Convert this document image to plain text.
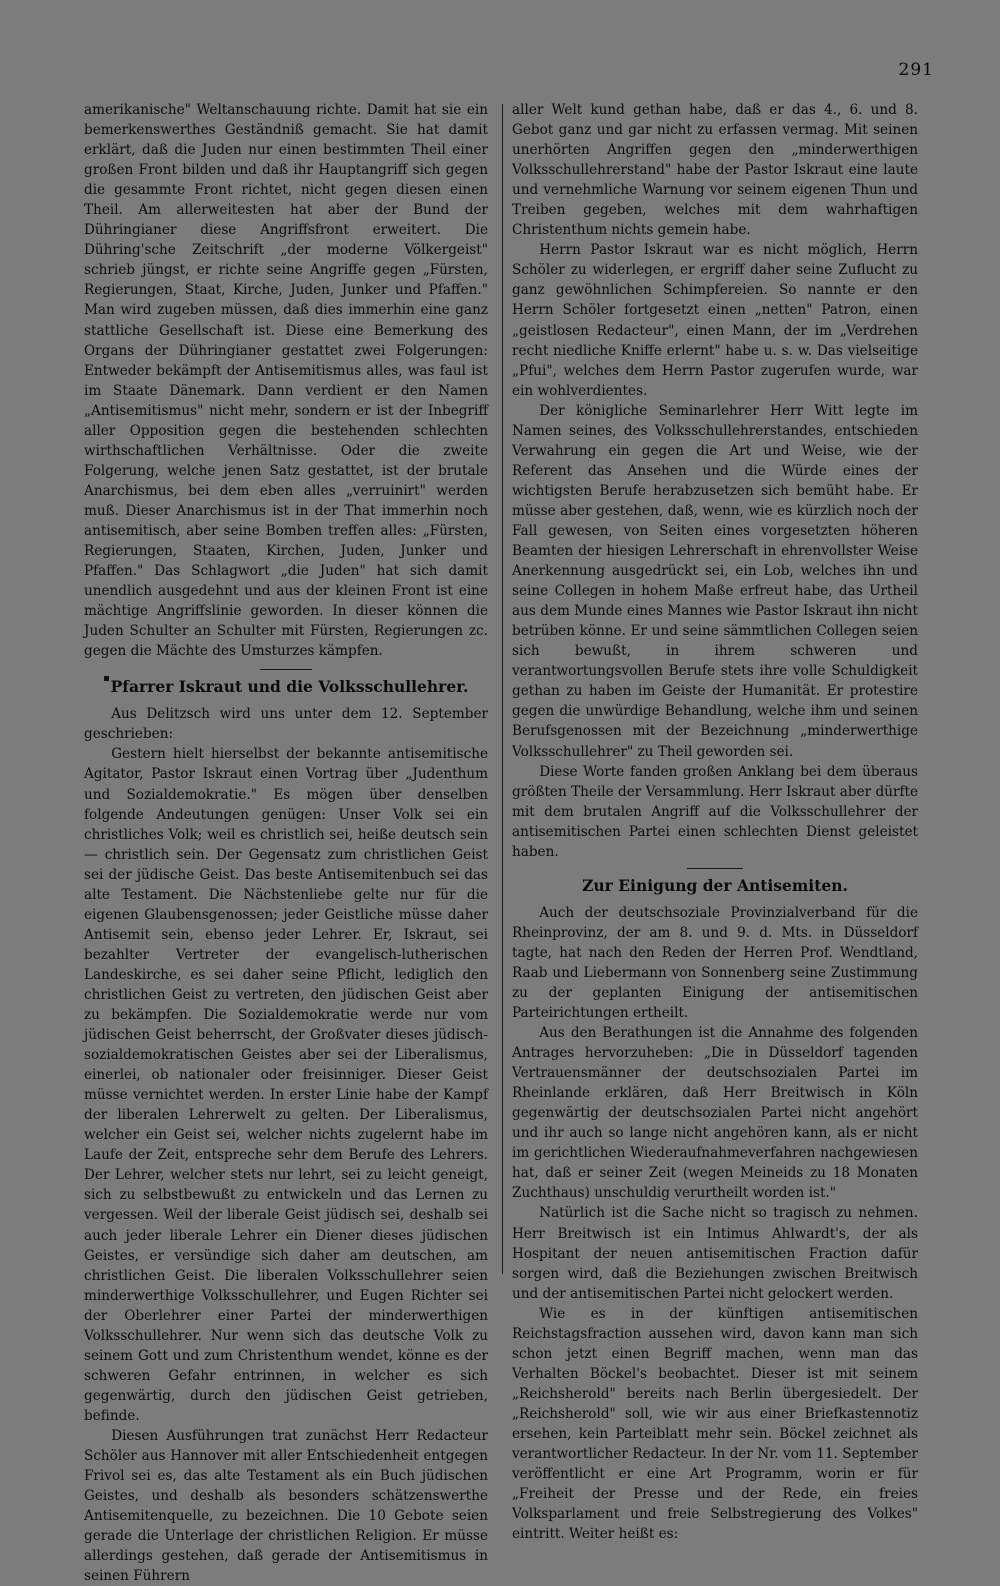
291

amerikanische" Weltanschauung richte. Damit hat sie ein bemerkenswerthes Geständniß gemacht. Sie hat damit erklärt, daß die Juden nur einen bestimmten Theil einer großen Front bilden und daß ihr Hauptangriff sich gegen die gesammte Front richtet, nicht gegen diesen einen Theil. Am allerweitesten hat aber der Bund der Dühringianer diese Angriffsfront erweitert. Die Dühring'sche Zeitschrift „der moderne Völkergeist" schrieb jüngst, er richte seine Angriffe gegen „Fürsten, Regierungen, Staat, Kirche, Juden, Junker und Pfaffen." Man wird zugeben müssen, daß dies immerhin eine ganz stattliche Gesellschaft ist. Diese eine Bemerkung des Organs der Dühringianer gestattet zwei Folgerungen: Entweder bekämpft der Antisemitismus alles, was faul ist im Staate Dänemark. Dann verdient er den Namen „Antisemitismus" nicht mehr, sondern er ist der Inbegriff aller Opposition gegen die bestehenden schlechten wirthschaftlichen Verhältnisse. Oder die zweite Folgerung, welche jenen Satz gestattet, ist der brutale Anarchismus, bei dem eben alles „verruinirt" werden muß. Dieser Anarchismus ist in der That immerhin noch antisemitisch, aber seine Bomben treffen alles: „Fürsten, Regierungen, Staaten, Kirchen, Juden, Junker und Pfaffen." Das Schlagwort „die Juden" hat sich damit unendlich ausgedehnt und aus der kleinen Front ist eine mächtige Angriffslinie geworden. In dieser können die Juden Schulter an Schulter mit Fürsten, Regierungen zc. gegen die Mächte des Umsturzes kämpfen.

Pfarrer Iskraut und die Volksschullehrer.

Aus Delitzsch wird uns unter dem 12. September geschrieben:

Gestern hielt hierselbst der bekannte antisemitische Agitator, Pastor Iskraut einen Vortrag über „Judenthum und Sozialdemokratie." Es mögen über denselben folgende Andeutungen genügen: Unser Volk sei ein christliches Volk; weil es christlich sei, heiße deutsch sein — christlich sein. Der Gegensatz zum christlichen Geist sei der jüdische Geist. Das beste Antisemitenbuch sei das alte Testament. Die Nächstenliebe gelte nur für die eigenen Glaubensgenossen; jeder Geistliche müsse daher Antisemit sein, ebenso jeder Lehrer. Er, Iskraut, sei bezahlter Vertreter der evangelisch-lutherischen Landeskirche, es sei daher seine Pflicht, lediglich den christlichen Geist zu vertreten, den jüdischen Geist aber zu bekämpfen. Die Sozialdemokratie werde nur vom jüdischen Geist beherrscht, der Großvater dieses jüdisch-sozialdemokratischen Geistes aber sei der Liberalismus, einerlei, ob nationaler oder freisinniger. Dieser Geist müsse vernichtet werden. In erster Linie habe der Kampf der liberalen Lehrerwelt zu gelten. Der Liberalismus, welcher ein Geist sei, welcher nichts zugelernt habe im Laufe der Zeit, entspreche sehr dem Berufe des Lehrers. Der Lehrer, welcher stets nur lehrt, sei zu leicht geneigt, sich zu selbstbewußt zu entwickeln und das Lernen zu vergessen. Weil der liberale Geist jüdisch sei, deshalb sei auch jeder liberale Lehrer ein Diener dieses jüdischen Geistes, er versündige sich daher am deutschen, am christlichen Geist. Die liberalen Volksschullehrer seien minderwerthige Volksschullehrer, und Eugen Richter sei der Oberlehrer einer Partei der minderwerthigen Volksschullehrer. Nur wenn sich das deutsche Volk zu seinem Gott und zum Christenthum wendet, könne es der schweren Gefahr entrinnen, in welcher es sich gegenwärtig, durch den jüdischen Geist getrieben, befinde.

Diesen Ausführungen trat zunächst Herr Redacteur Schöler aus Hannover mit aller Entschiedenheit entgegen Frivol sei es, das alte Testament als ein Buch jüdischen Geistes, und deshalb als besonders schätzenswerthe Antisemitenquelle, zu bezeichnen. Die 10 Gebote seien gerade die Unterlage der christlichen Religion. Er müsse allerdings gestehen, daß gerade der Antisemitismus in seinen Führern

aller Welt kund gethan habe, daß er das 4., 6. und 8. Gebot ganz und gar nicht zu erfassen vermag. Mit seinen unerhörten Angriffen gegen den „minderwerthigen Volksschullehrerstand" habe der Pastor Iskraut eine laute und vernehmliche Warnung vor seinem eigenen Thun und Treiben gegeben, welches mit dem wahrhaftigen Christenthum nichts gemein habe.

Herrn Pastor Iskraut war es nicht möglich, Herrn Schöler zu widerlegen, er ergriff daher seine Zuflucht zu ganz gewöhnlichen Schimpfereien. So nannte er den Herrn Schöler fortgesetzt einen „netten" Patron, einen „geistlosen Redacteur", einen Mann, der im „Verdrehen recht niedliche Kniffe erlernt" habe u. s. w. Das vielseitige „Pfui", welches dem Herrn Pastor zugerufen wurde, war ein wohlverdientes.

Der königliche Seminarlehrer Herr Witt legte im Namen seines, des Volksschullehrerstandes, entschieden Verwahrung ein gegen die Art und Weise, wie der Referent das Ansehen und die Würde eines der wichtigsten Berufe herabzusetzen sich bemüht habe. Er müsse aber gestehen, daß, wenn, wie es kürzlich noch der Fall gewesen, von Seiten eines vorgesetzten höheren Beamten der hiesigen Lehrerschaft in ehrenvollster Weise Anerkennung ausgedrückt sei, ein Lob, welches ihn und seine Collegen in hohem Maße erfreut habe, das Urtheil aus dem Munde eines Mannes wie Pastor Iskraut ihn nicht betrüben könne. Er und seine sämmtlichen Collegen seien sich bewußt, in ihrem schweren und verantwortungsvollen Berufe stets ihre volle Schuldigkeit gethan zu haben im Geiste der Humanität. Er protestire gegen die unwürdige Behandlung, welche ihm und seinen Berufsgenossen mit der Bezeichnung „minderwerthige Volksschullehrer" zu Theil geworden sei.

Diese Worte fanden großen Anklang bei dem überaus größten Theile der Versammlung. Herr Iskraut aber dürfte mit dem brutalen Angriff auf die Volksschullehrer der antisemitischen Partei einen schlechten Dienst geleistet haben.

Zur Einigung der Antisemiten.

Auch der deutschsoziale Provinzialverband für die Rheinprovinz, der am 8. und 9. d. Mts. in Düsseldorf tagte, hat nach den Reden der Herren Prof. Wendtland, Raab und Liebermann von Sonnenberg seine Zustimmung zu der geplanten Einigung der antisemitischen Parteirichtungen ertheilt.

Aus den Berathungen ist die Annahme des folgenden Antrages hervorzuheben: „Die in Düsseldorf tagenden Vertrauensmänner der deutschsozialen Partei im Rheinlande erklären, daß Herr Breitwisch in Köln gegenwärtig der deutschsozialen Partei nicht angehört und ihr auch so lange nicht angehören kann, als er nicht im gerichtlichen Wiederaufnahmeverfahren nachgewiesen hat, daß er seiner Zeit (wegen Meineids zu 18 Monaten Zuchthaus) unschuldig verurtheilt worden ist."

Natürlich ist die Sache nicht so tragisch zu nehmen. Herr Breitwisch ist ein Intimus Ahlwardt's, der als Hospitant der neuen antisemitischen Fraction dafür sorgen wird, daß die Beziehungen zwischen Breitwisch und der antisemitischen Partei nicht gelockert werden.

Wie es in der künftigen antisemitischen Reichstagsfraction aussehen wird, davon kann man sich schon jetzt einen Begriff machen, wenn man das Verhalten Böckel's beobachtet. Dieser ist mit seinem „Reichsherold" bereits nach Berlin übergesiedelt. Der „Reichsherold" soll, wie wir aus einer Briefkastennotiz ersehen, kein Parteiblatt mehr sein. Böckel zeichnet als verantwortlicher Redacteur. In der Nr. vom 11. September veröffentlicht er eine Art Programm, worin er für „Freiheit der Presse und der Rede, ein freies Volksparlament und freie Selbstregierung des Volkes" eintritt. Weiter heißt es:
